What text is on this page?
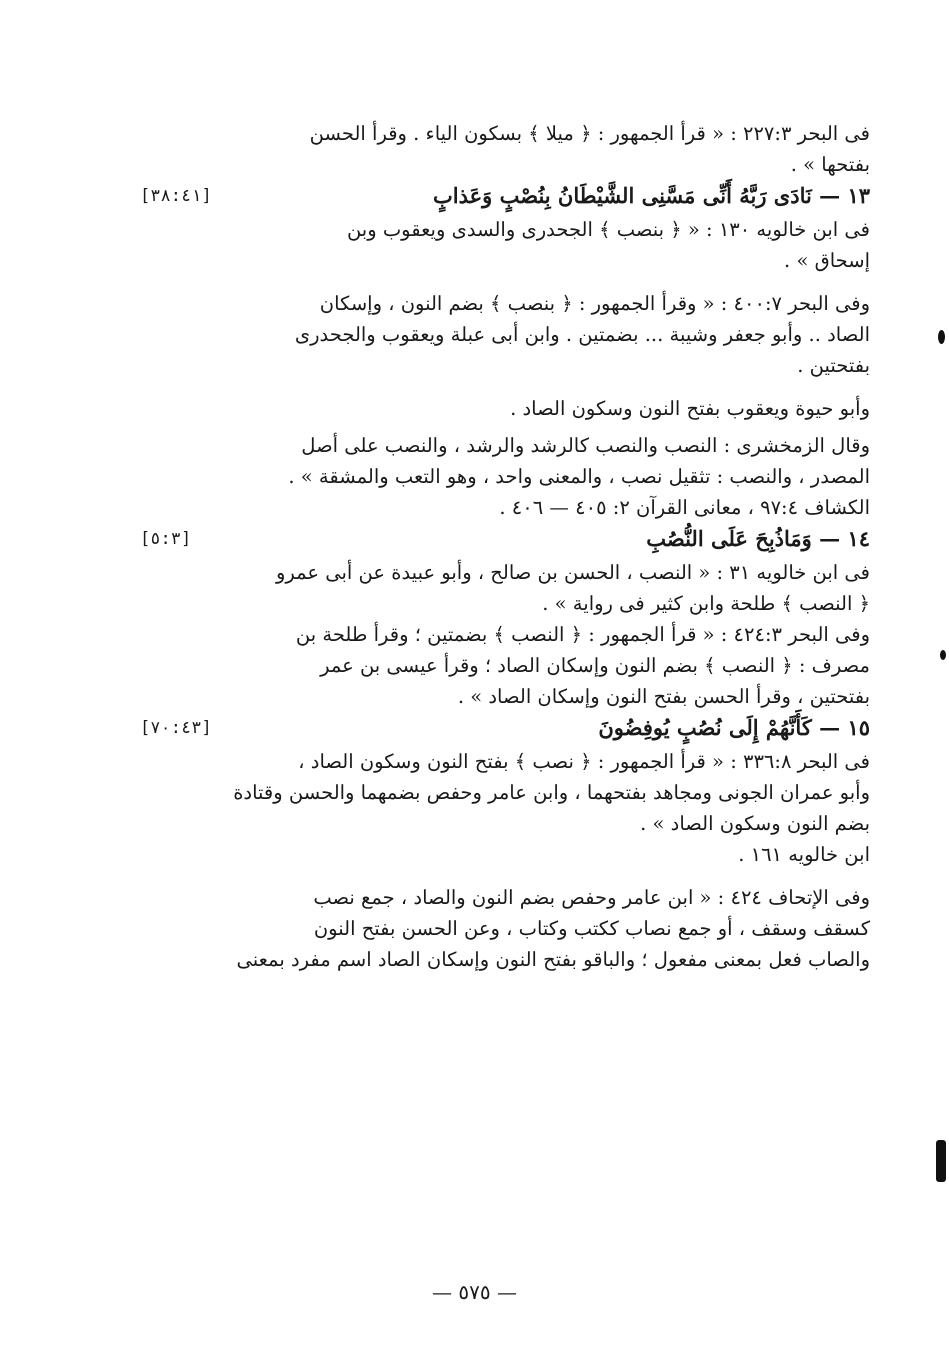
فى البحر ٢٢٧:٣ : « قرأ الجمهور : ﴿ ميلا ﴾ بسكون الياء . وقرأ الحسن
بفتحها » .
١٣ — نَادَى رَبَّهُ أَنِّى مَسَّنِى الشَّيْطَانُ بِنُصْبٍ وَعَذابٍ
[٣٨:٤١]
فى ابن خالويه ١٣٠ : « ﴿ بنصب ﴾ الجحدرى والسدى ويعقوب وبن
إسحاق » .
وفى البحر ٤٠٠:٧ : « وقرأ الجمهور : ﴿ بنصب ﴾ بضم النون ، وإسكان
الصاد .. وأبو جعفر وشيبة ... بضمتين . وابن أبى عبلة ويعقوب والجحدرى
بفتحتين .
وأبو حيوة ويعقوب بفتح النون وسكون الصاد .
وقال الزمخشرى : النصب والنصب كالرشد والرشد ، والنصب على أصل
المصدر ، والنصب : تثقيل نصب ، والمعنى واحد ، وهو التعب والمشقة » .
الكشاف ٩٧:٤ ، معانى القرآن ٢: ٤٠٥ — ٤٠٦ .
١٤ — وَمَاذُبِحَ عَلَى النُّصُبِ
[٥:٣]
فى ابن خالويه ٣١ : « النصب ، الحسن بن صالح ، وأبو عبيدة عن أبى عمرو
﴿ النصب ﴾ طلحة وابن كثير فى رواية » .
وفى البحر ٤٢٤:٣ : « قرأ الجمهور : ﴿ النصب ﴾ بضمتين ؛ وقرأ طلحة بن
مصرف : ﴿ النصب ﴾ بضم النون وإسكان الصاد ؛ وقرأ عيسى بن عمر
بفتحتين ، وقرأ الحسن بفتح النون وإسكان الصاد » .
١٥ — كَأَنَّهُمْ إِلَى نُصُبٍ يُوفِضُونَ
[٧٠:٤٣]
فى البحر ٣٣٦:٨ : « قرأ الجمهور : ﴿ نصب ﴾ بفتح النون وسكون الصاد ،
وأبو عمران الجونى ومجاهد بفتحهما ، وابن عامر وحفص بضمهما والحسن وقتادة
بضم النون وسكون الصاد » .
ابن خالويه ١٦١ .
وفى الإتحاف ٤٢٤ : « ابن عامر وحفص بضم النون والصاد ، جمع نصب
كسقف وسقف ، أو جمع نصاب ككتب وكتاب ، وعن الحسن بفتح النون
والصاب فعل بمعنى مفعول ؛ والباقو بفتح النون وإسكان الصاد اسم مفرد بمعنى
— ٥٧٥ —
